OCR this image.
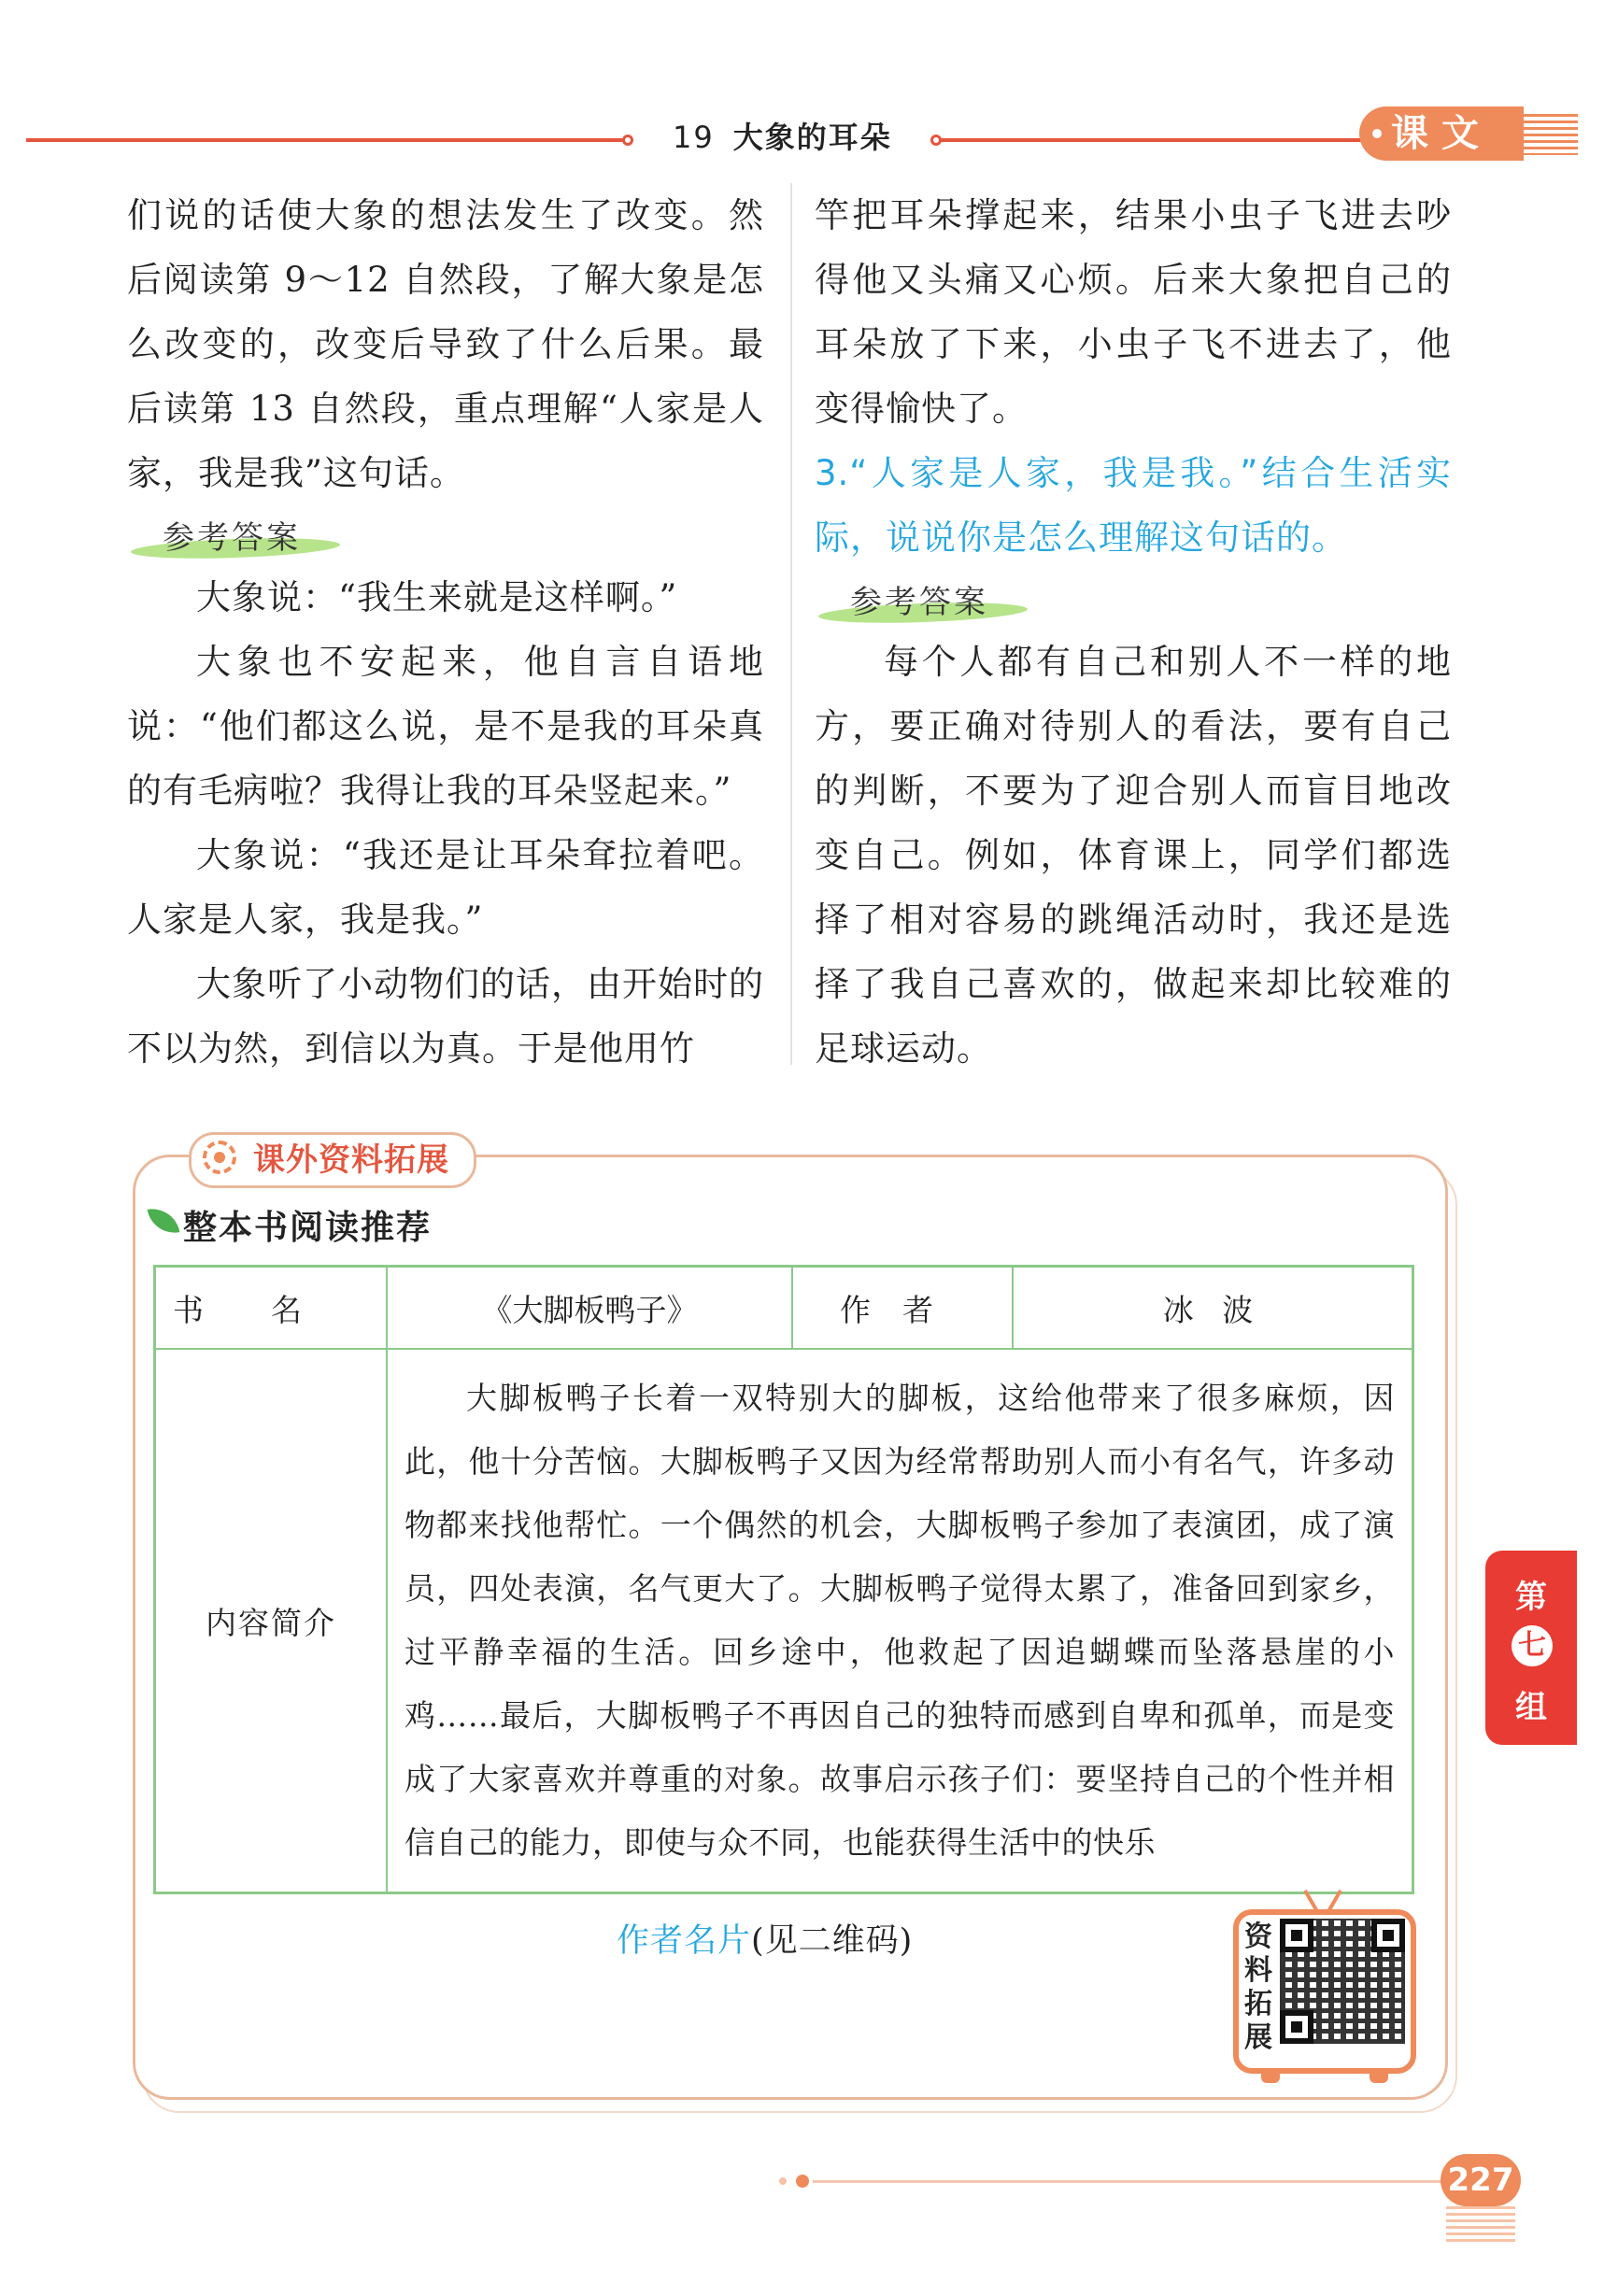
19 大象的耳朵	课文

们说的话使大象的想法发生了改变。然后阅读第 9～12 自然段，了解大象是怎么改变的，改变后导致了什么后果。最后读第 13 自然段，重点理解“人家是人家，我是我”这句话。

参考答案

大象说：“我生来就是这样啊。”

大象也不安起来，他自言自语地说：“他们都这么说，是不是我的耳朵真的有毛病啦？我得让我的耳朵竖起来。”

大象说：“我还是让耳朵耷拉着吧。人家是人家，我是我。”

大象听了小动物们的话，由开始时的不以为然，到信以为真。于是他用竹

竿把耳朵撑起来，结果小虫子飞进去吵得他又头痛又心烦。后来大象把自己的耳朵放了下来，小虫子飞不进去了，他变得愉快了。

3.“人家是人家，我是我。”结合生活实际，说说你是怎么理解这句话的。

参考答案

每个人都有自己和别人不一样的地方，要正确对待别人的看法，要有自己的判断，不要为了迎合别人而盲目地改变自己。例如，体育课上，同学们都选择了相对容易的跳绳活动时，我还是选择了我自己喜欢的，做起来却比较难的足球运动。

课外资料拓展
整本书阅读推荐
书名	《大脚板鸭子》	作者	冰 波
内容简介	大脚板鸭子长着一双特别大的脚板，这给他带来了很多麻烦，因此，他十分苦恼。大脚板鸭子又因为经常帮助别人而小有名气，许多动物都来找他帮忙。一个偶然的机会，大脚板鸭子参加了表演团，成了演员，四处表演，名气更大了。大脚板鸭子觉得太累了，准备回到家乡，过平静幸福的生活。回乡途中，他救起了因追蝴蝶而坠落悬崖的小鸡……最后，大脚板鸭子不再因自己的独特而感到自卑和孤单，而是变成了大家喜欢并尊重的对象。故事启示孩子们：要坚持自己的个性并相信自己的能力，即使与众不同，也能获得生活中的快乐		
作者名片(见二维码)	资
料
拓
展
第
七
组
227
